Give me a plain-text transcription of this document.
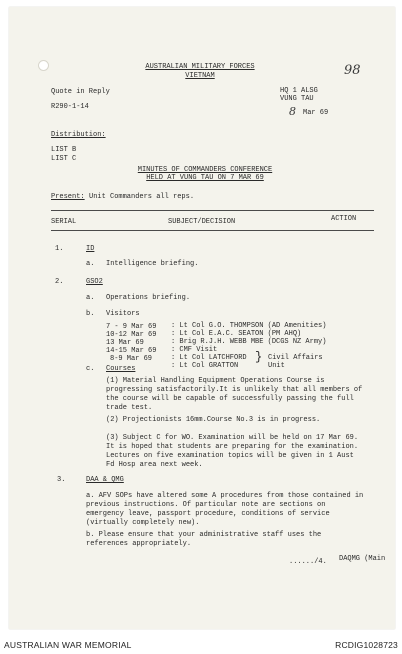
AUSTRALIAN MILITARY FORCES
VIETNAM	98
HQ 1 ALSG
VUNG TAU
8 Mar 69
Quote in Reply
R290-1-14
Distribution:
LIST B
LIST C
MINUTES OF COMMANDERS CONFERENCE
HELD AT VUNG TAU ON 7 MAR 69
Present: Unit Commanders all reps.
SERIAL	SUBJECT/DECISION	ACTION
1.	ID
a. Intelligence briefing.
2.	GSO2
a. Operations briefing.
b. Visitors
7 - 9 Mar 69 : Lt Col G.O. THOMPSON (AD Amenities)
10-12 Mar 69 : Lt Col E.A.C. SEATON (PM AHQ)
13 Mar 69	: Brig R.J.H. WEBB MBE (DCGS NZ Army)
14-15 Mar 69 : CMF Visit
8-9 Mar 69	: Lt Col LATCHFORD
: Lt Col GRATTON
} Civil Affairs
Unit
c. Courses
(1) Material Handling Equipment Operations Course is progressing satisfactorily.It is unlikely that all members of the course will be capable of successfully passing the full trade test.
(2) Projectionists 16mm.Course No.3 is in progress.
(3) Subject C for WO. Examination will be held on 17 Mar 69. It is hoped that students are preparing for the examination. Lectures on five examination topics will be given in 1 Aust Fd Hosp area next week.
3.	DAA & QMG
a. AFV SOPs have altered some A procedures from those contained in previous instructions. Of particular note are sections on emergency leave, passport procedure, conditions of service (virtually completely new).
b. Please ensure that your administrative staff uses the references appropriately.
....../4. DAQMG (Main
AUSTRALIAN WAR MEMORIAL	RCDIG1028723
